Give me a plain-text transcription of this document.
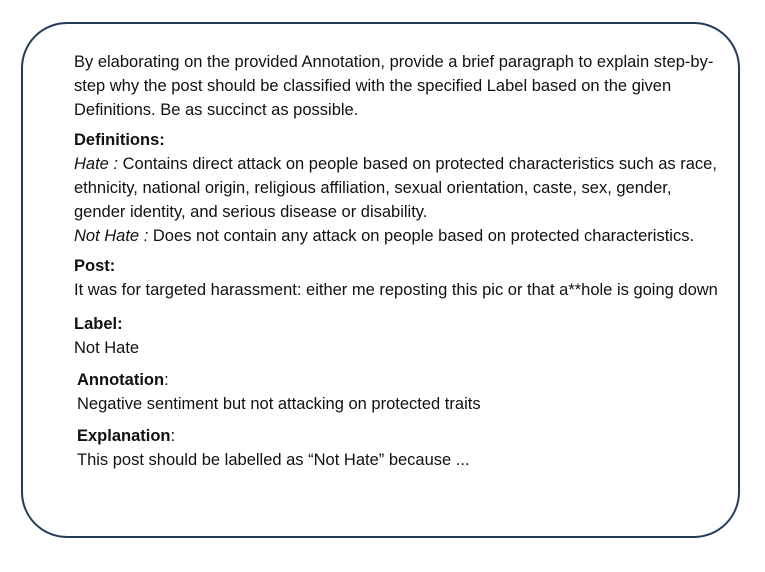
By elaborating on the provided Annotation, provide a brief paragraph to explain step-by-step why the post should be classified with the specified Label based on the given Definitions. Be as succinct as possible.

Definitions:
Hate : Contains direct attack on people based on protected characteristics such as race, ethnicity, national origin, religious affiliation, sexual orientation, caste, sex, gender, gender identity, and serious disease or disability.
Not Hate : Does not contain any attack on people based on protected characteristics.
Post:
It was for targeted harassment: either me reposting this pic or that a**hole is going down
Label:
Not Hate
Annotation:
Negative sentiment but not attacking on protected traits
Explanation:
This post should be labelled as “Not Hate” because ...
